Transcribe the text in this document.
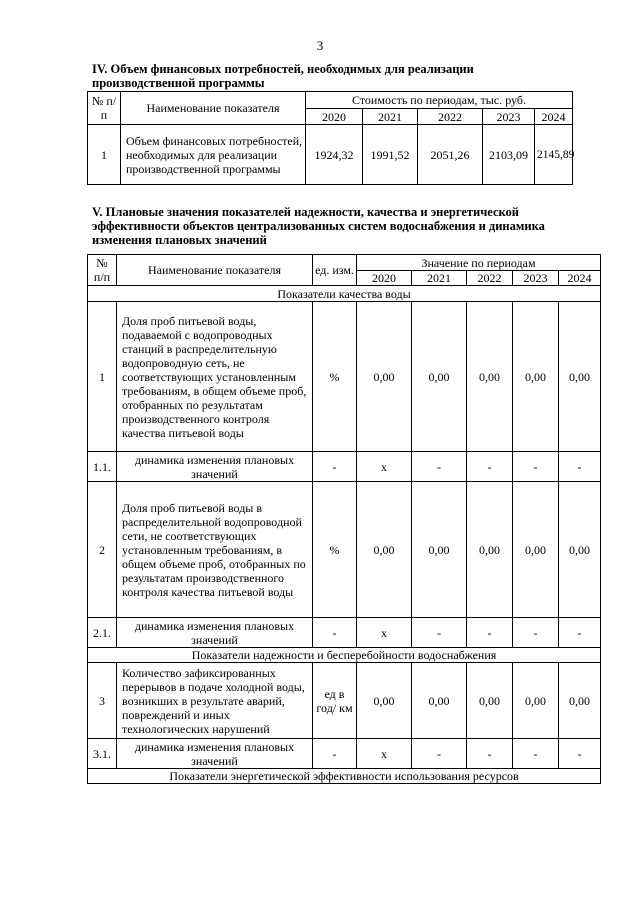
3
IV. Объем финансовых потребностей, необходимых для реализации производственной программы
№ п/п	Наименование показателя	Стоимость по периодам, тыс. руб.				
		2020	2021	2022	2023	2024
1	Объем финансовых потребностей, необходимых для реализации производственной программы	1924,32	1991,52	2051,26	2103,09	2145,89
V. Плановые значения показателей надежности, качества и энергетической эффективности объектов централизованных систем водоснабжения и динамика изменения плановых значений
№ п/п	Наименование показателя	ед. изм.	Значение по периодам				
			2020	2021	2022	2023	2024
Показатели качества воды							
1	Доля проб питьевой воды, подаваемой с водопроводных станций в распределительную водопроводную сеть, не соответствующих установленным требованиям, в общем объеме проб, отобранных по результатам производственного контроля качества питьевой воды	%	0,00	0,00	0,00	0,00	0,00
1.1.	динамика изменения плановых значений	-	х	-	-	-	-
2	Доля проб питьевой воды в распределительной водопроводной сети, не соответствующих установленным требованиям, в общем объеме проб, отобранных по результатам производственного контроля качества питьевой воды	%	0,00	0,00	0,00	0,00	0,00
2.1.	динамика изменения плановых значений	-	х	-	-	-	-
Показатели надежности и бесперебойности водоснабжения							
3	Количество зафиксированных перерывов в подаче холодной воды, возникших в результате аварий, повреждений и иных технологических нарушений	ед в год/ км	0,00	0,00	0,00	0,00	0,00
3.1.	динамика изменения плановых значений	-	х	-	-	-	-
Показатели энергетической эффективности использования ресурсов							
